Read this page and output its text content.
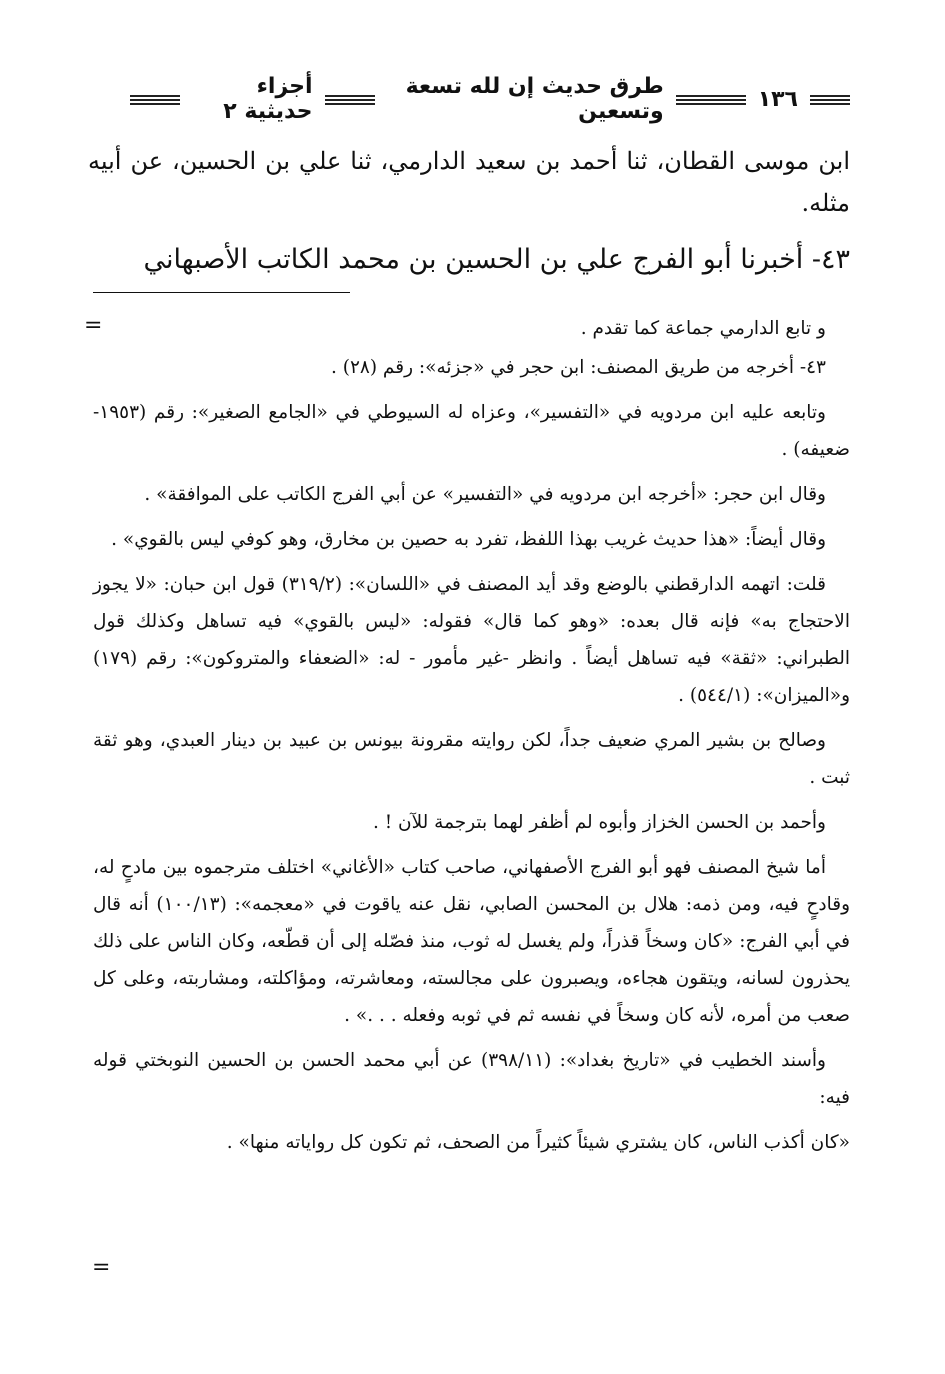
١٣٦
طرق حديث إن لله تسعة وتسعين
أجزاء حديثية ٢

ابن موسى القطان، ثنا أحمد بن سعيد الدارمي، ثنا علي بن الحسين، عن أبيه مثله.

٤٣- أخبرنا أبو الفرج علي بن الحسين بن محمد الكاتب الأصبهاني
=	و تابع الدارمي جماعة كما تقدم .

٤٣- أخرجه من طريق المصنف: ابن حجر في «جزئه»: رقم (٢٨) .

وتابعه عليه ابن مردويه في «التفسير»، وعزاه له السيوطي في «الجامع الصغير»: رقم (١٩٥٣- ضعيفه) .

وقال ابن حجر: «أخرجه ابن مردويه في «التفسير» عن أبي الفرج الكاتب على الموافقة» .

وقال أيضاً: «هذا حديث غريب بهذا اللفظ، تفرد به حصين بن مخارق، وهو كوفي ليس بالقوي» .

قلت: اتهمه الدارقطني بالوضع وقد أيد المصنف في «اللسان»: (٣١٩/٢) قول ابن حبان: «لا يجوز الاحتجاج به» فإنه قال بعده: «وهو كما قال» فقوله: «ليس بالقوي» فيه تساهل وكذلك قول الطبراني: «ثقة» فيه تساهل أيضاً . وانظر -غير مأمور - له: «الضعفاء والمتروكون»: رقم (١٧٩) و«الميزان»: (٥٤٤/١) .

وصالح بن بشير المري ضعيف جداً، لكن روايته مقرونة بيونس بن عبيد بن دينار العبدي، وهو ثقة ثبت .

وأحمد بن الحسن الخزاز وأبوه لم أظفر لهما بترجمة للآن ! .

أما شيخ المصنف فهو أبو الفرج الأصفهاني، صاحب كتاب «الأغاني» اختلف مترجموه بين مادحٍ له، وقادحٍ فيه، ومن ذمه: هلال بن المحسن الصابي، نقل عنه ياقوت في «معجمه»: (١٠٠/١٣) أنه قال في أبي الفرج: «كان وسخاً قذراً، ولم يغسل له ثوب، منذ فصّله إلى أن قطّعه، وكان الناس على ذلك يحذرون لسانه، ويتقون هجاءه، ويصبرون على مجالسته، ومعاشرته، ومؤاكلته، ومشاربته، وعلى كل صعب من أمره، لأنه كان وسخاً في نفسه ثم في ثوبه وفعله . . .» .

وأسند الخطيب في «تاريخ بغداد»: (٣٩٨/١١) عن أبي محمد الحسن بن الحسين النوبختي قوله فيه:

«كان أكذب الناس، كان يشتري شيئاً كثيراً من الصحف، ثم تكون كل رواياته منها» .

=
